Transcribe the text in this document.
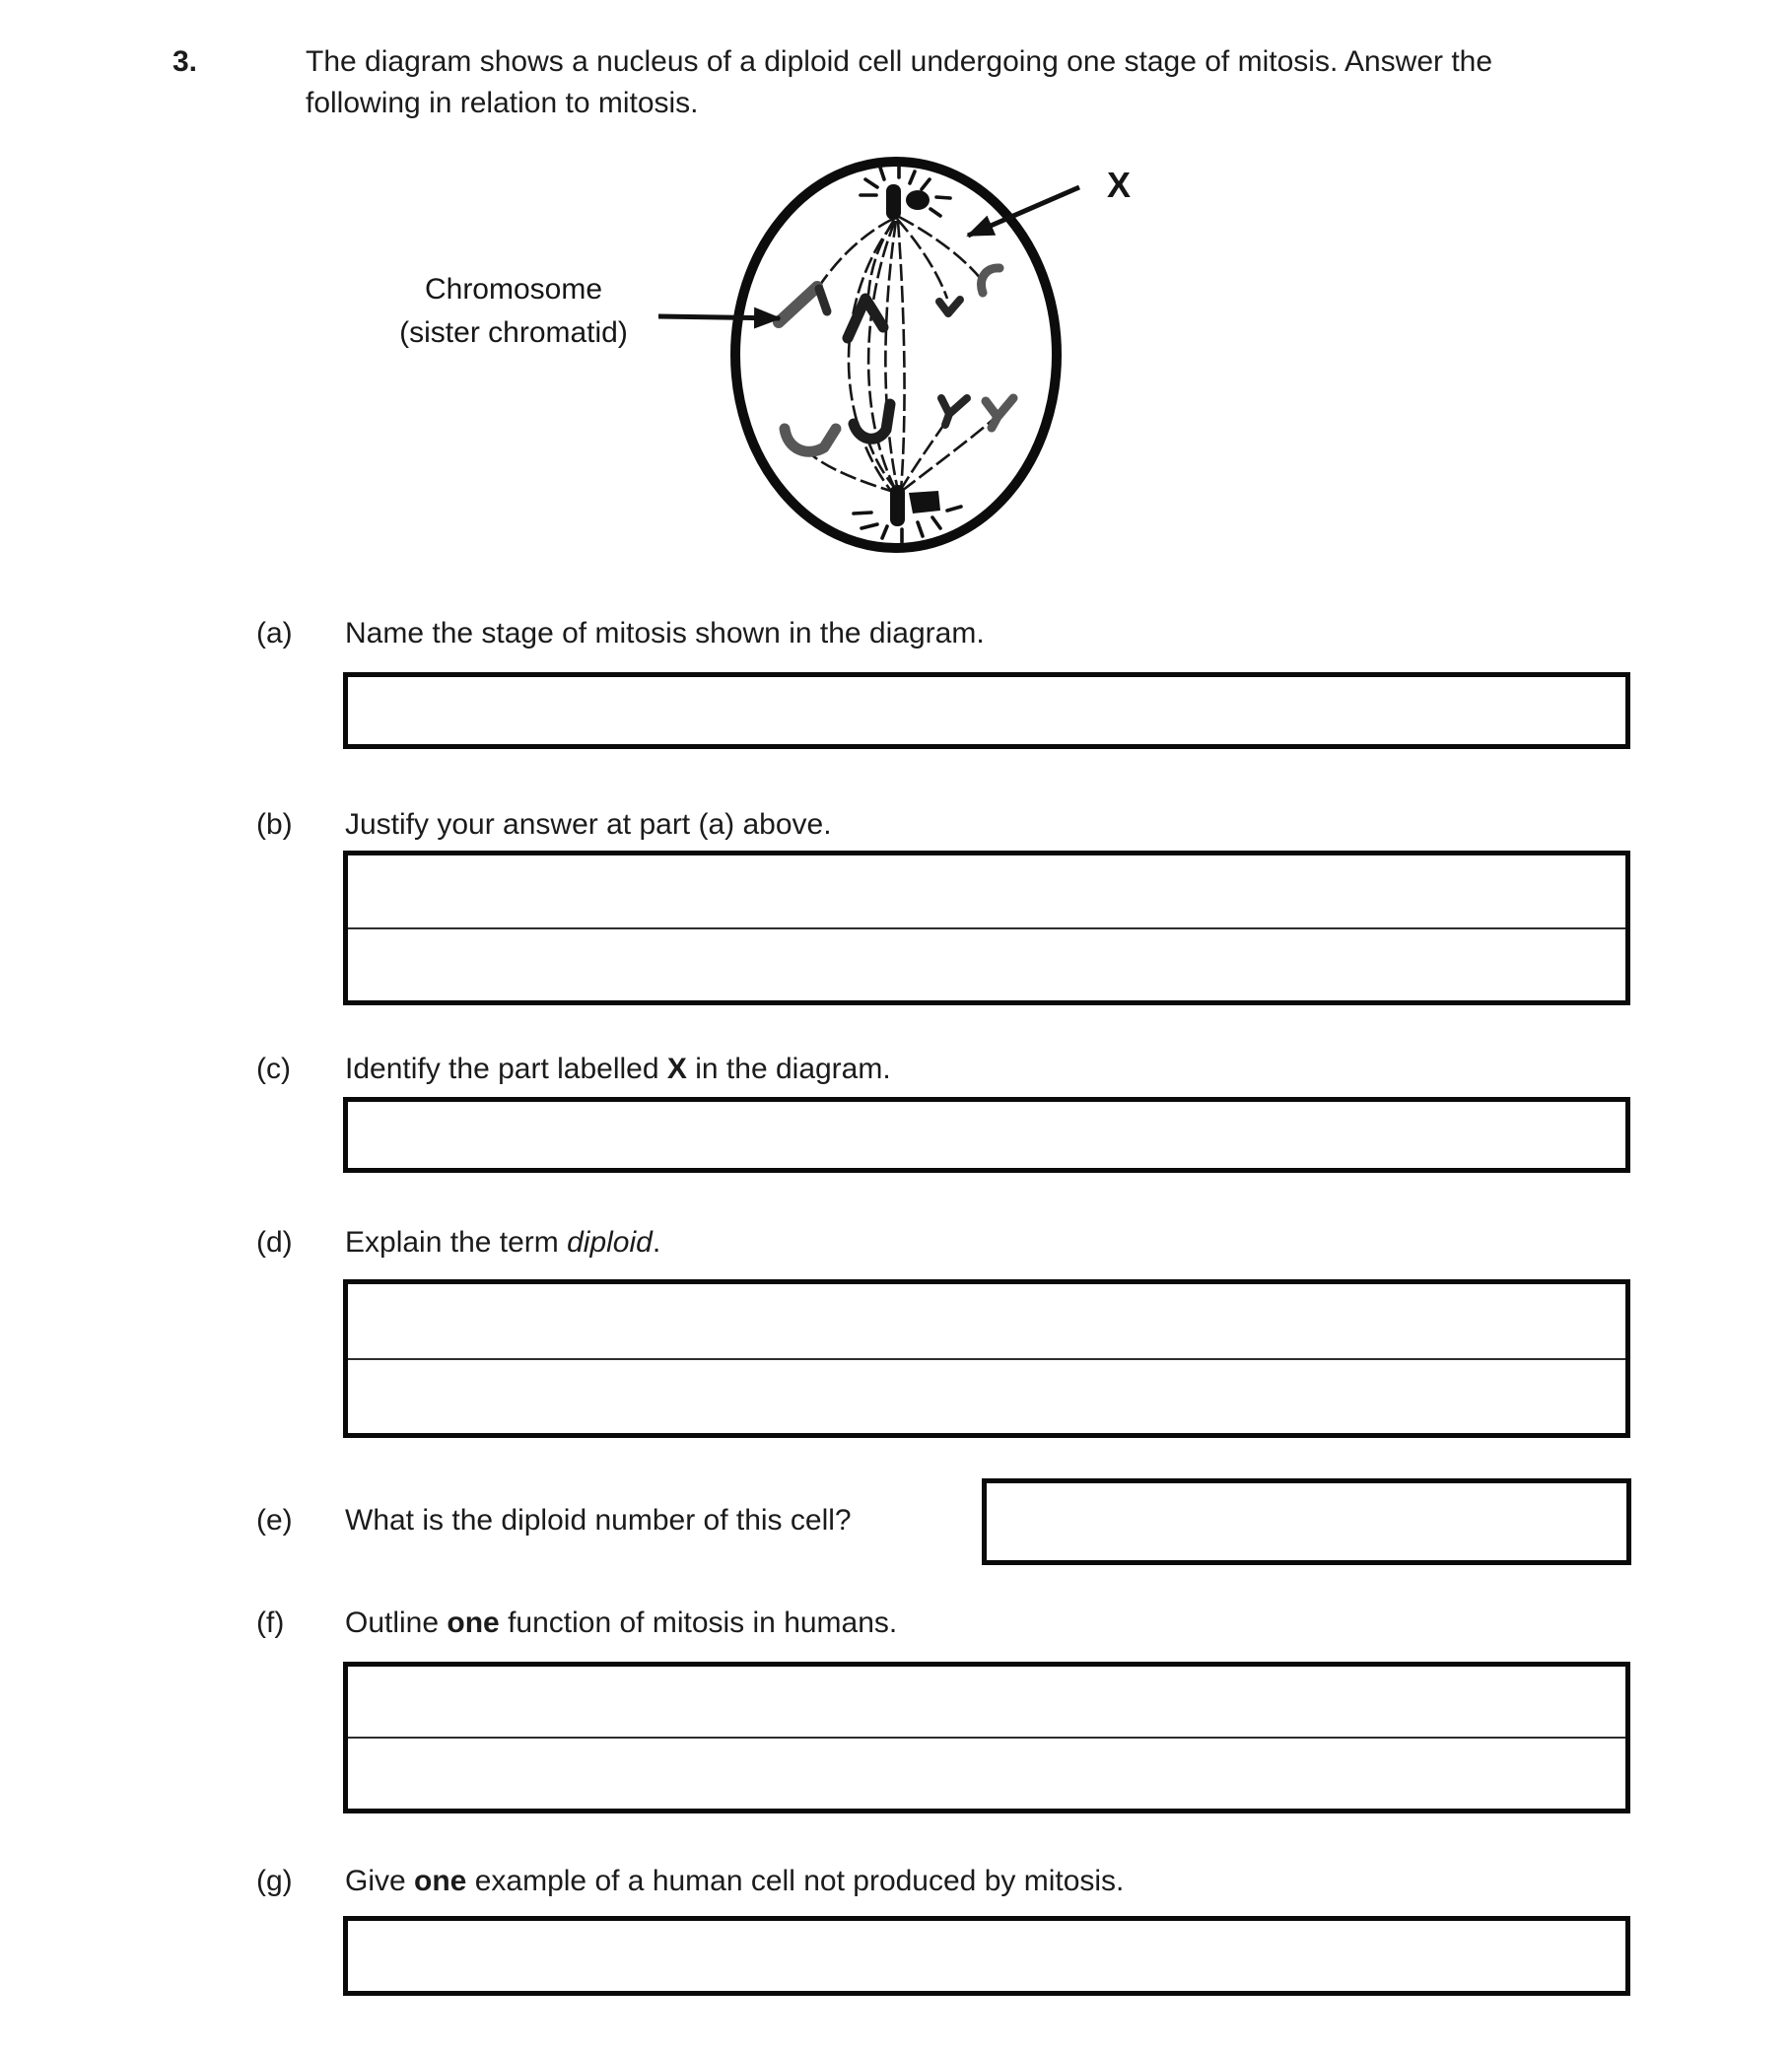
3.	The diagram shows a nucleus of a diploid cell undergoing one stage of mitosis. Answer the
following in relation to mitosis.
X
Chromosome
(sister chromatid)
(a) Name the stage of mitosis shown in the diagram.
(b) Justify your answer at part (a) above.
(c) Identify the part labelled X in the diagram.
(d) Explain the term diploid.
(e) What is the diploid number of this cell?
(f) Outline one function of mitosis in humans.
(g) Give one example of a human cell not produced by mitosis.
